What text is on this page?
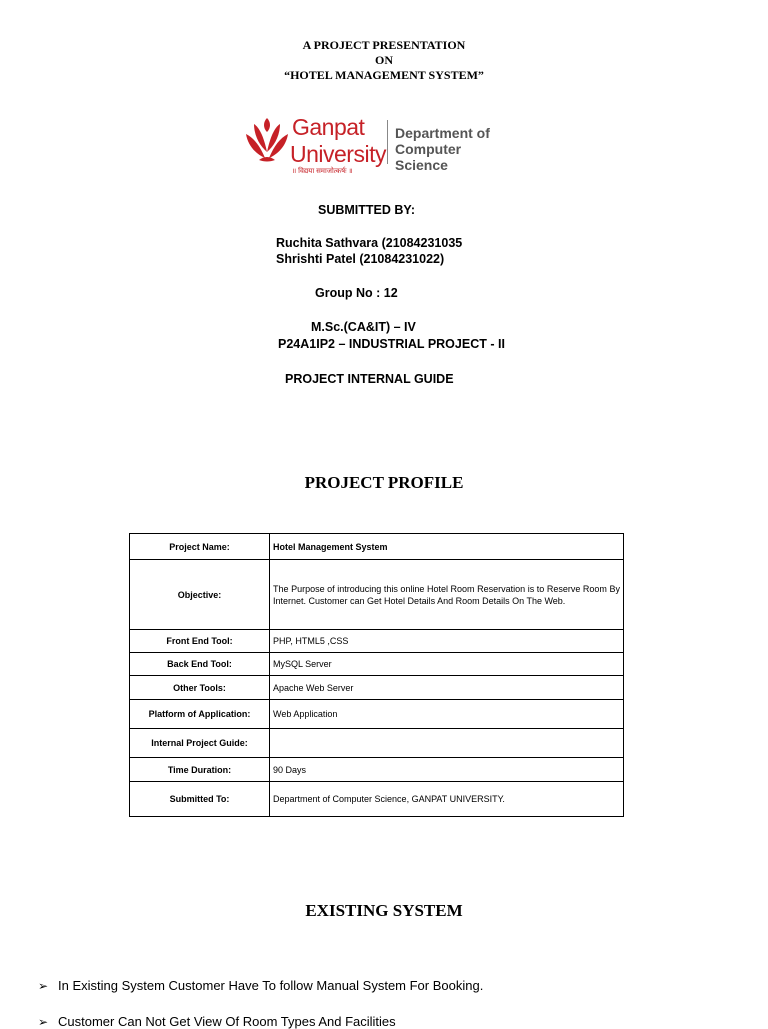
A PROJECT PRESENTATION
ON
“HOTEL MANAGEMENT SYSTEM”
Ganpat
University
Department of
Computer Science
॥ विद्यया समाजोत्कर्षः ॥
SUBMITTED BY:
Ruchita Sathvara (21084231035
Shrishti Patel (21084231022)
Group No : 12
M.Sc.(CA&IT) – IV
P24A1IP2 – INDUSTRIAL PROJECT - II
PROJECT INTERNAL GUIDE
PROJECT PROFILE
Project Name:	Hotel Management System
Objective:	The Purpose of introducing this online Hotel Room Reservation is to Reserve Room By Internet. Customer can Get Hotel Details And Room Details On The Web.
Front End Tool:	PHP, HTML5 ,CSS
Back End Tool:	MySQL Server
Other Tools:	Apache Web Server
Platform of Application:	Web Application
Internal Project Guide:	
Time Duration:	90 Days
Submitted To:	Department of Computer Science, GANPAT UNIVERSITY.
EXISTING SYSTEM
➢ In Existing System Customer Have To follow Manual System For Booking.
➢ Customer Can Not Get View Of Room Types And Facilities
